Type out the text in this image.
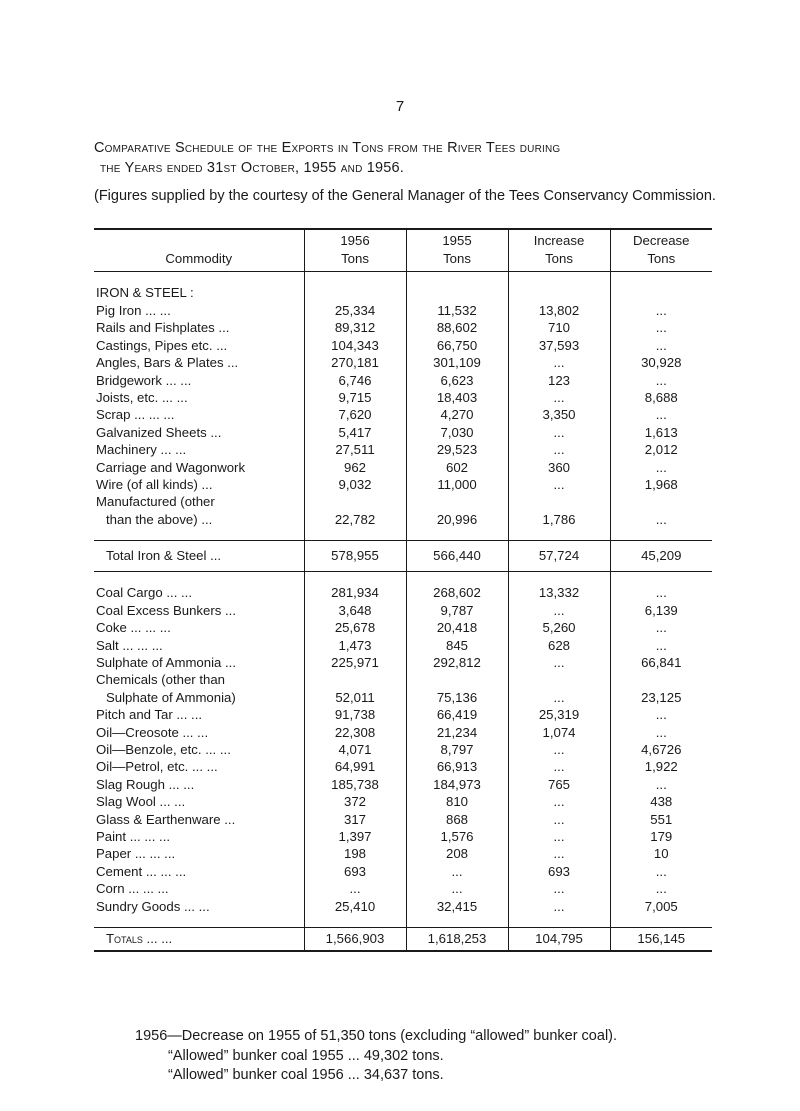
7
Comparative Schedule of the Exports in Tons from the River Tees during
the Years ended 31st October, 1955 and 1956.
(Figures supplied by the courtesy of the General Manager of the Tees Conservancy Commission.
	1956	1955	Increase	Decrease
Commodity	Tons	Tons	Tons	Tons

IRON & STEEL :				
Pig Iron ... ...	25,334	11,532	13,802	...
Rails and Fishplates ...	89,312	88,602	710	...
Castings, Pipes etc. ...	104,343	66,750	37,593	...
Angles, Bars & Plates ...	270,181	301,109	...	30,928
Bridgework ... ...	6,746	6,623	123	...
Joists, etc. ... ...	9,715	18,403	...	8,688
Scrap ... ... ...	7,620	4,270	3,350	...
Galvanized Sheets ...	5,417	7,030	...	1,613
Machinery ... ...	27,511	29,523	...	2,012
Carriage and Wagonwork	962	602	360	...
Wire (of all kinds) ...	9,032	11,000	...	1,968
Manufactured (other				
than the above) ...	22,782	20,996	1,786	...

Total Iron & Steel ...	578,955	566,440	57,724	45,209

Coal Cargo ... ...	281,934	268,602	13,332	...
Coal Excess Bunkers ...	3,648	9,787	...	6,139
Coke ... ... ...	25,678	20,418	5,260	...
Salt ... ... ...	1,473	845	628	...
Sulphate of Ammonia ...	225,971	292,812	...	66,841
Chemicals (other than				
Sulphate of Ammonia)	52,011	75,136	...	23,125
Pitch and Tar ... ...	91,738	66,419	25,319	...
Oil—Creosote ... ...	22,308	21,234	1,074	...
Oil—Benzole, etc. ... ...	4,071	8,797	...	4,6726
Oil—Petrol, etc. ... ...	64,991	66,913	...	1,922
Slag Rough ... ...	185,738	184,973	765	...
Slag Wool ... ...	372	810	...	438
Glass & Earthenware ...	317	868	...	551
Paint ... ... ...	1,397	1,576	...	179
Paper ... ... ...	198	208	...	10
Cement ... ... ...	693	...	693	...
Corn ... ... ...	...	...	...	...
Sundry Goods ... ...	25,410	32,415	...	7,005

Totals ... ...	1,566,903	1,618,253	104,795	156,145
1956—Decrease on 1955 of 51,350 tons (excluding “allowed” bunker coal).
“Allowed” bunker coal 1955 ... 49,302 tons.
“Allowed” bunker coal 1956 ... 34,637 tons.
